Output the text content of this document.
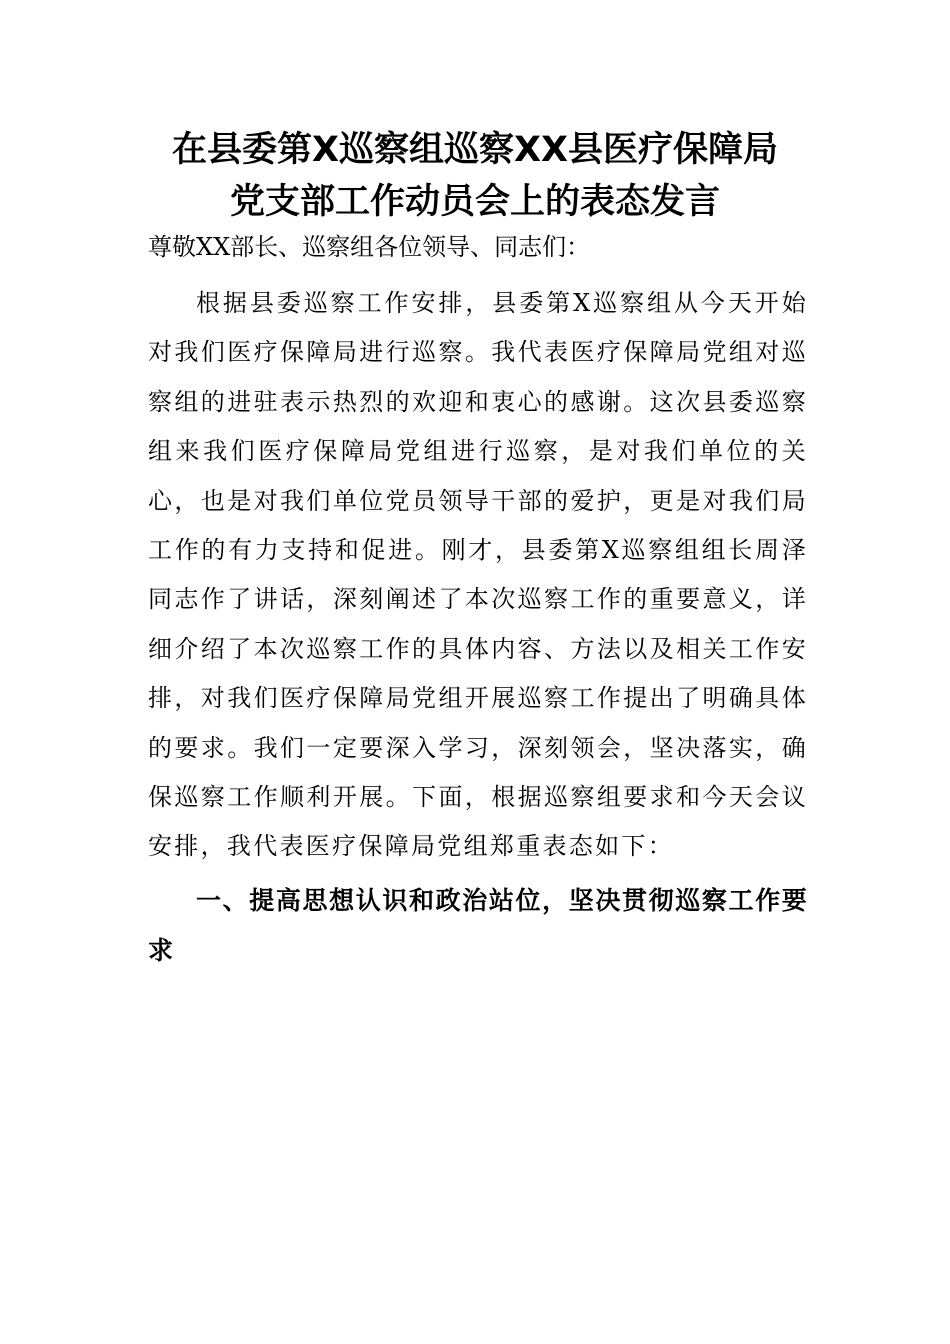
在县委第X巡察组巡察XX县医疗保障局
党支部工作动员会上的表态发言
尊敬XX部长、巡察组各位领导、同志们：
根据县委巡察工作安排，县委第X巡察组从今天开始对我们医疗保障局进行巡察。我代表医疗保障局党组对巡察组的进驻表示热烈的欢迎和衷心的感谢。这次县委巡察组来我们医疗保障局党组进行巡察，是对我们单位的关心，也是对我们单位党员领导干部的爱护，更是对我们局工作的有力支持和促进。刚才，县委第X巡察组组长周泽同志作了讲话，深刻阐述了本次巡察工作的重要意义，详细介绍了本次巡察工作的具体内容、方法以及相关工作安排，对我们医疗保障局党组开展巡察工作提出了明确具体的要求。我们一定要深入学习，深刻领会，坚决落实，确保巡察工作顺利开展。下面，根据巡察组要求和今天会议安排，我代表医疗保障局党组郑重表态如下：
一、提高思想认识和政治站位，坚决贯彻巡察工作要求
